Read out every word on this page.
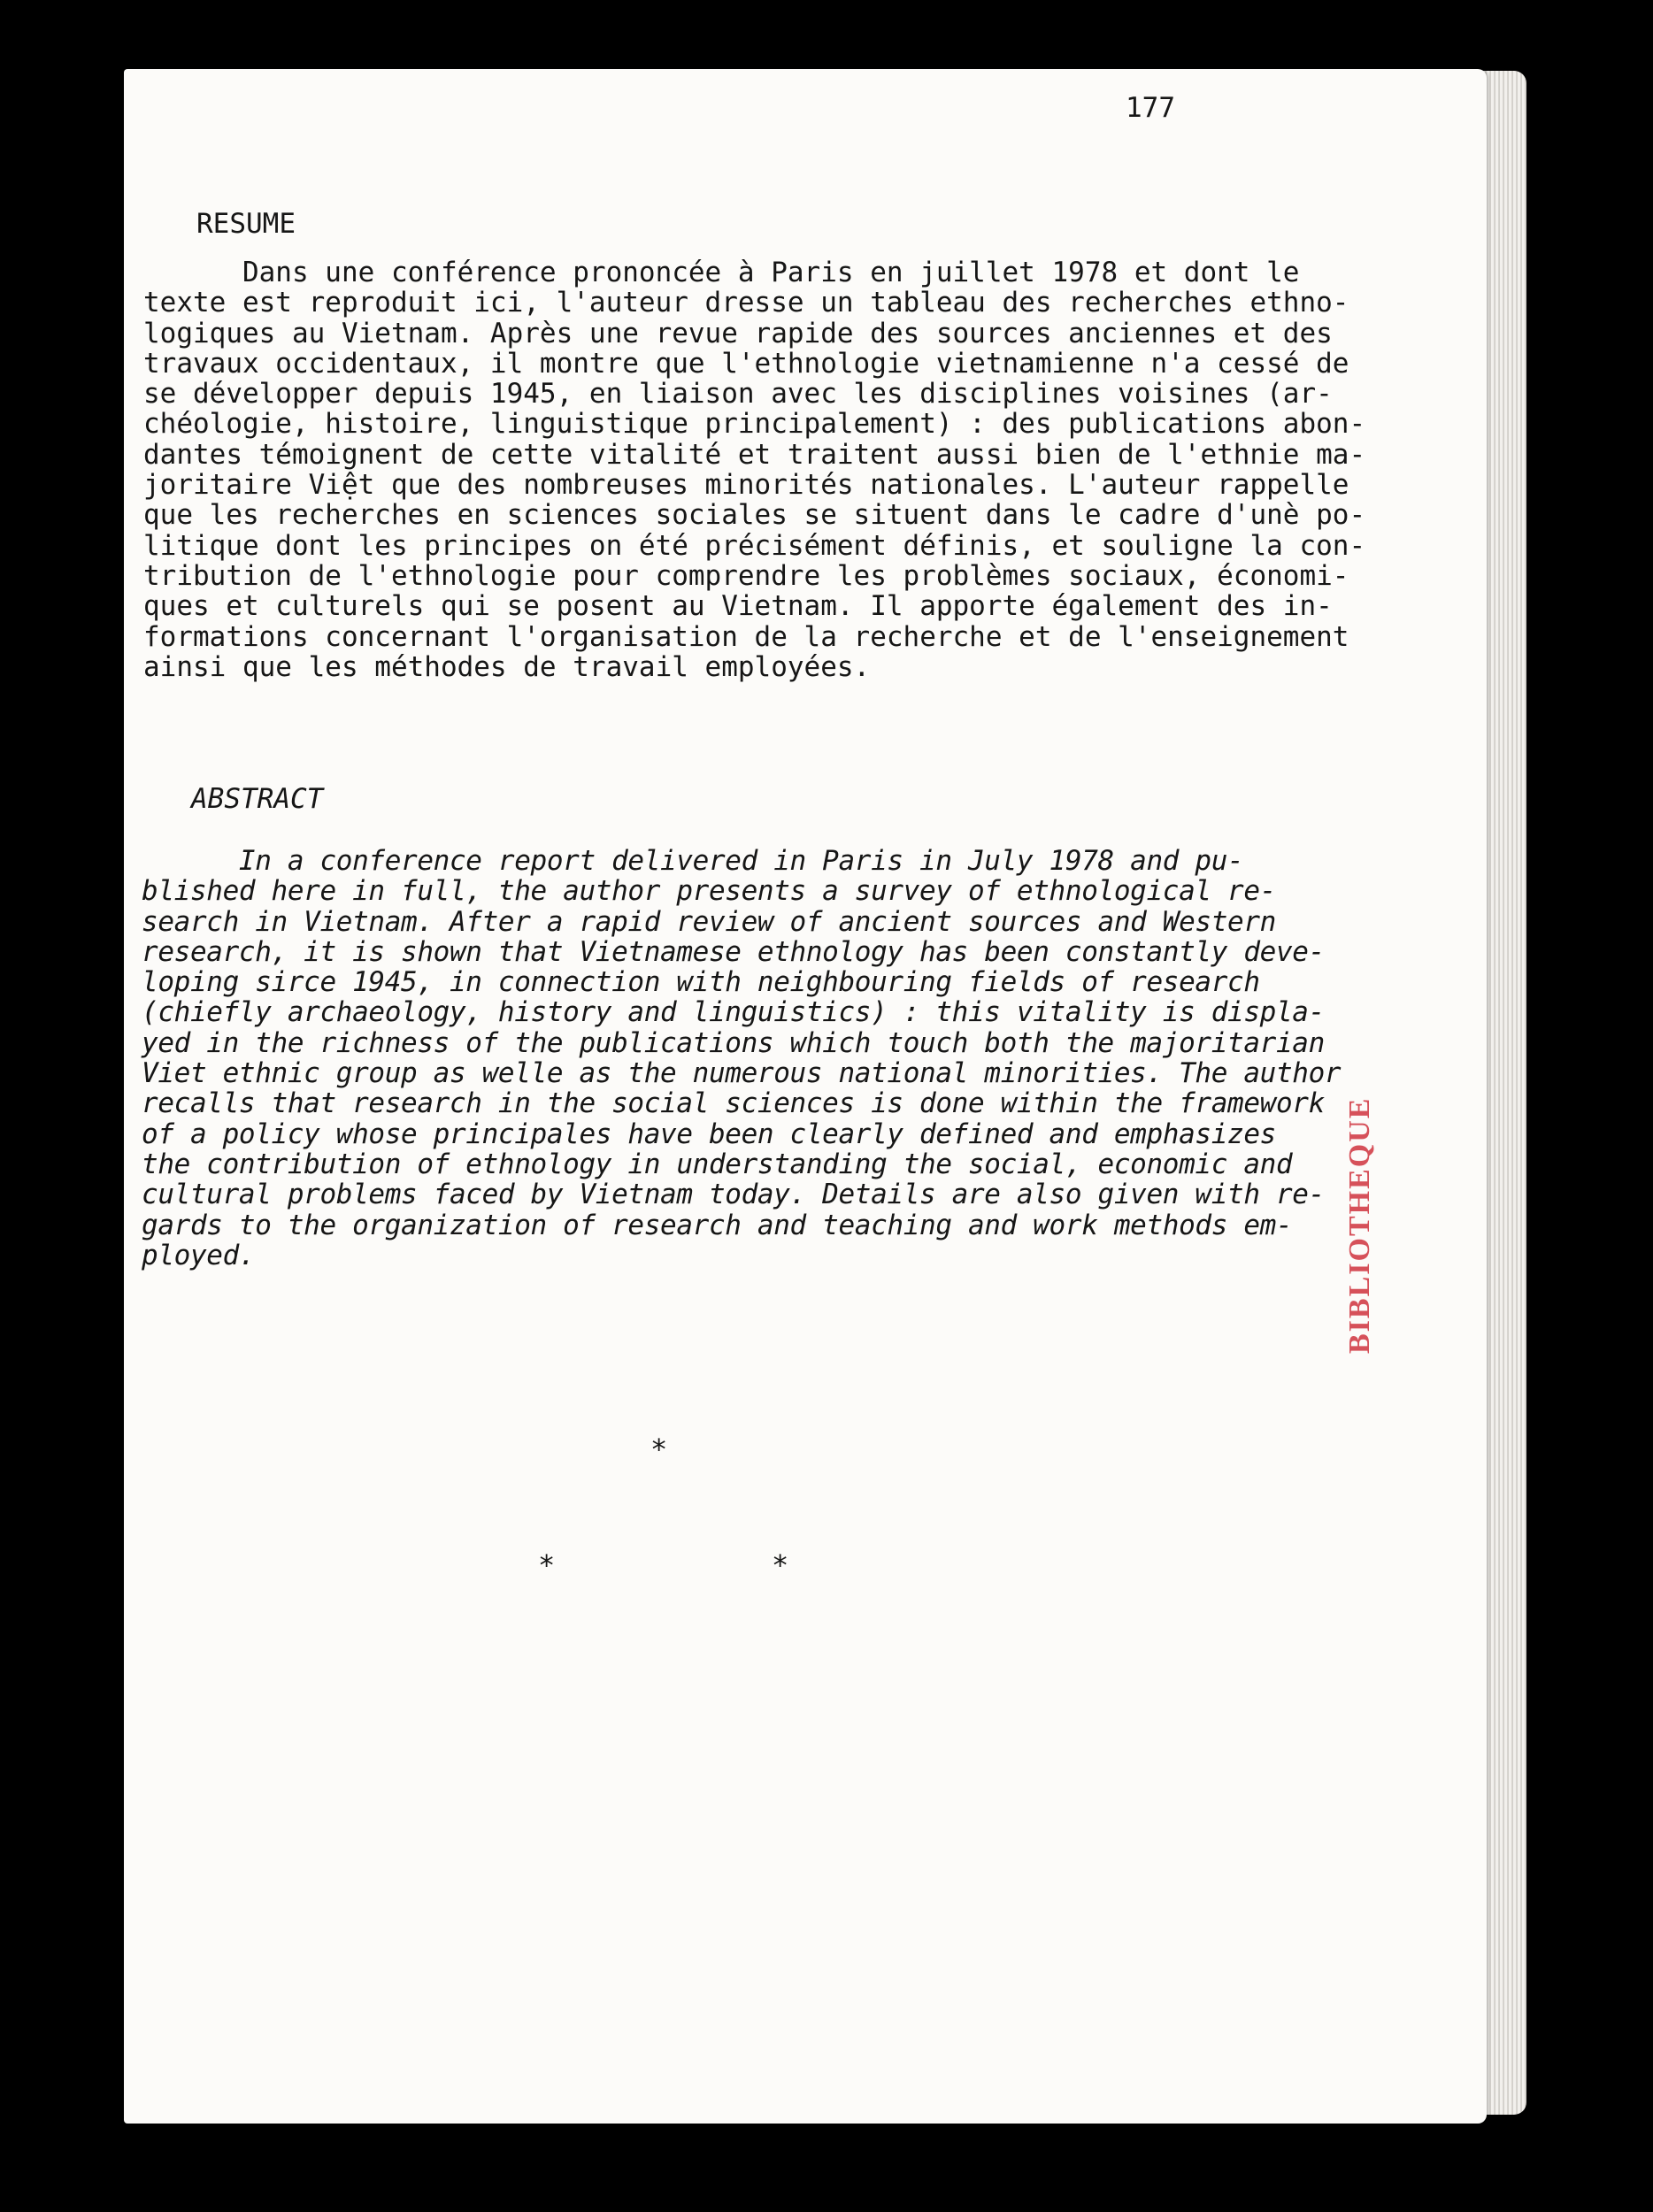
177
RESUME
Dans une conférence prononcée à Paris en juillet 1978 et dont le
texte est reproduit ici, l'auteur dresse un tableau des recherches ethno-
logiques au Vietnam. Après une revue rapide des sources anciennes et des
travaux occidentaux, il montre que l'ethnologie vietnamienne n'a cessé de
se développer depuis 1945, en liaison avec les disciplines voisines (ar-
chéologie, histoire, linguistique principalement) : des publications abon-
dantes témoignent de cette vitalité et traitent aussi bien de l'ethnie ma-
joritaire Việt que des nombreuses minorités nationales. L'auteur rappelle
que les recherches en sciences sociales se situent dans le cadre d'unè po-
litique dont les principes on été précisément définis, et souligne la con-
tribution de l'ethnologie pour comprendre les problèmes sociaux, économi-
ques et culturels qui se posent au Vietnam. Il apporte également des in-
formations concernant l'organisation de la recherche et de l'enseignement
ainsi que les méthodes de travail employées.
ABSTRACT
In a conference report delivered in Paris in July 1978 and pu-
blished here in full, the author presents a survey of ethnological re-
search in Vietnam. After a rapid review of ancient sources and Western
research, it is shown that Vietnamese ethnology has been constantly deve-
loping sirce 1945, in connection with neighbouring fields of research
(chiefly archaeology, history and linguistics) : this vitality is displa-
yed in the richness of the publications which touch both the majoritarian
Viet ethnic group as welle as the numerous national minorities. The author
recalls that research in the social sciences is done within the framework
of a policy whose principales have been clearly defined and emphasizes
the contribution of ethnology in understanding the social, economic and
cultural problems faced by Vietnam today. Details are also given with re-
gards to the organization of research and teaching and work methods em-
ployed.
*
*	*
BIBLIOTHEQUE
